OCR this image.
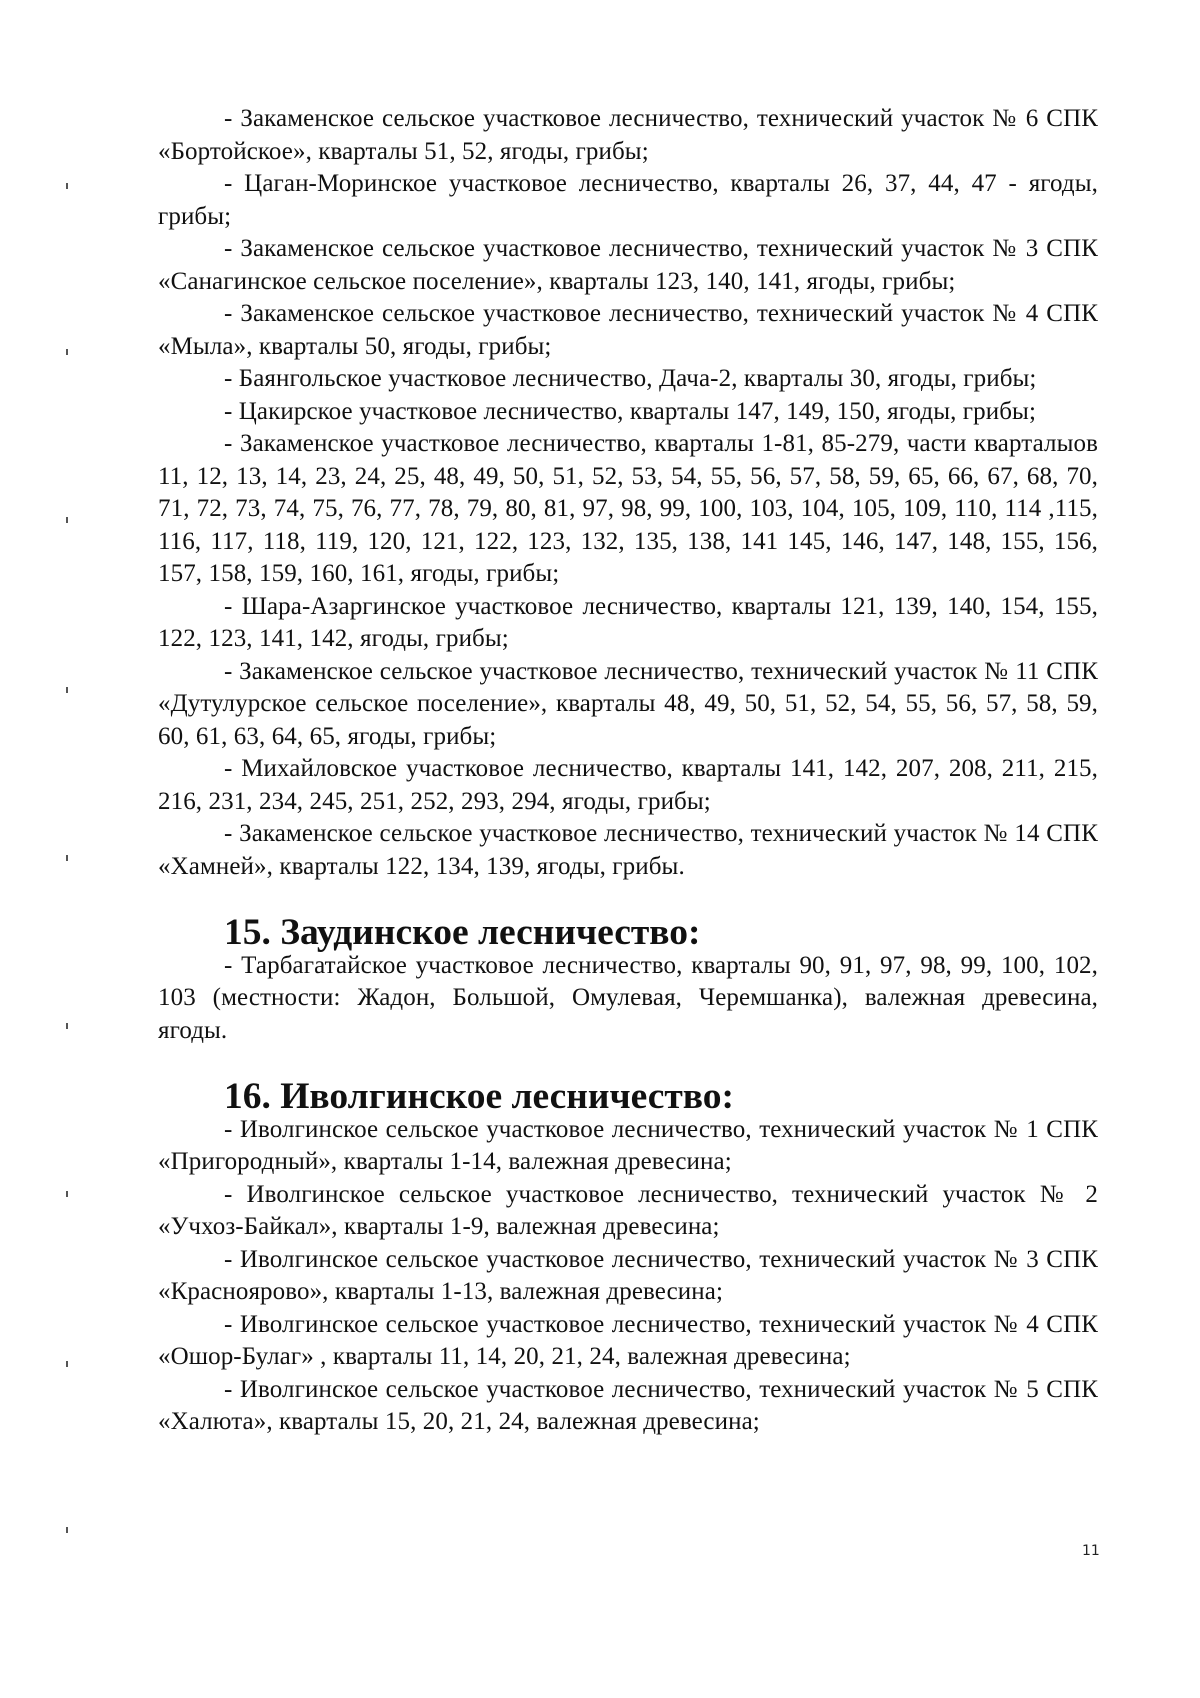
- Закаменское сельское участковое лесничество, технический участок № 6 СПК «Бортойское», кварталы 51, 52, ягоды, грибы;

- Цаган-Моринское участковое лесничество, кварталы 26, 37, 44, 47 - ягоды, грибы;

- Закаменское сельское участковое лесничество, технический участок № 3 СПК «Санагинское сельское поселение», кварталы 123, 140, 141, ягоды, грибы;

- Закаменское сельское участковое лесничество, технический участок № 4 СПК «Мыла», кварталы 50, ягоды, грибы;

- Баянгольское участковое лесничество, Дача-2, кварталы 30, ягоды, грибы;

- Цакирское участковое лесничество, кварталы 147, 149, 150, ягоды, грибы;

- Закаменское участковое лесничество, кварталы 1-81, 85-279, части кварталыов 11, 12, 13, 14, 23, 24, 25, 48, 49, 50, 51, 52, 53, 54, 55, 56, 57, 58, 59, 65, 66, 67, 68, 70, 71, 72, 73, 74, 75, 76, 77, 78, 79, 80, 81, 97, 98, 99, 100, 103, 104, 105, 109, 110, 114 ,115, 116, 117, 118, 119, 120, 121, 122, 123, 132, 135, 138, 141 145, 146, 147, 148, 155, 156, 157, 158, 159, 160, 161, ягоды, грибы;

- Шара-Азаргинское участковое лесничество, кварталы 121, 139, 140, 154, 155, 122, 123, 141, 142, ягоды, грибы;

- Закаменское сельское участковое лесничество, технический участок № 11 СПК «Дутулурское сельское поселение», кварталы 48, 49, 50, 51, 52, 54, 55, 56, 57, 58, 59, 60, 61, 63, 64, 65, ягоды, грибы;

- Михайловское участковое лесничество, кварталы 141, 142, 207, 208, 211, 215, 216, 231, 234, 245, 251, 252, 293, 294, ягоды, грибы;

- Закаменское сельское участковое лесничество, технический участок № 14 СПК «Хамней», кварталы 122, 134, 139, ягоды, грибы.

15. Заудинское лесничество:

- Тарбагатайское участковое лесничество, кварталы 90, 91, 97, 98, 99, 100, 102, 103 (местности: Жадон, Большой, Омулевая, Черемшанка), валежная древесина, ягоды.

16. Иволгинское лесничество:

- Иволгинское сельское участковое лесничество, технический участок № 1 СПК «Пригородный», кварталы 1-14, валежная древесина;

- Иволгинское сельское участковое лесничество, технический участок № 2 «Учхоз-Байкал», кварталы 1-9, валежная древесина;

- Иволгинское сельское участковое лесничество, технический участок № 3 СПК «Краснoярово», кварталы 1-13, валежная древесина;

- Иволгинское сельское участковое лесничество, технический участок № 4 СПК «Ошор-Булаг» , кварталы 11, 14, 20, 21, 24, валежная древесина;

- Иволгинское сельское участковое лесничество, технический участок № 5 СПК «Халюта», кварталы 15, 20, 21, 24, валежная древесина;

11
